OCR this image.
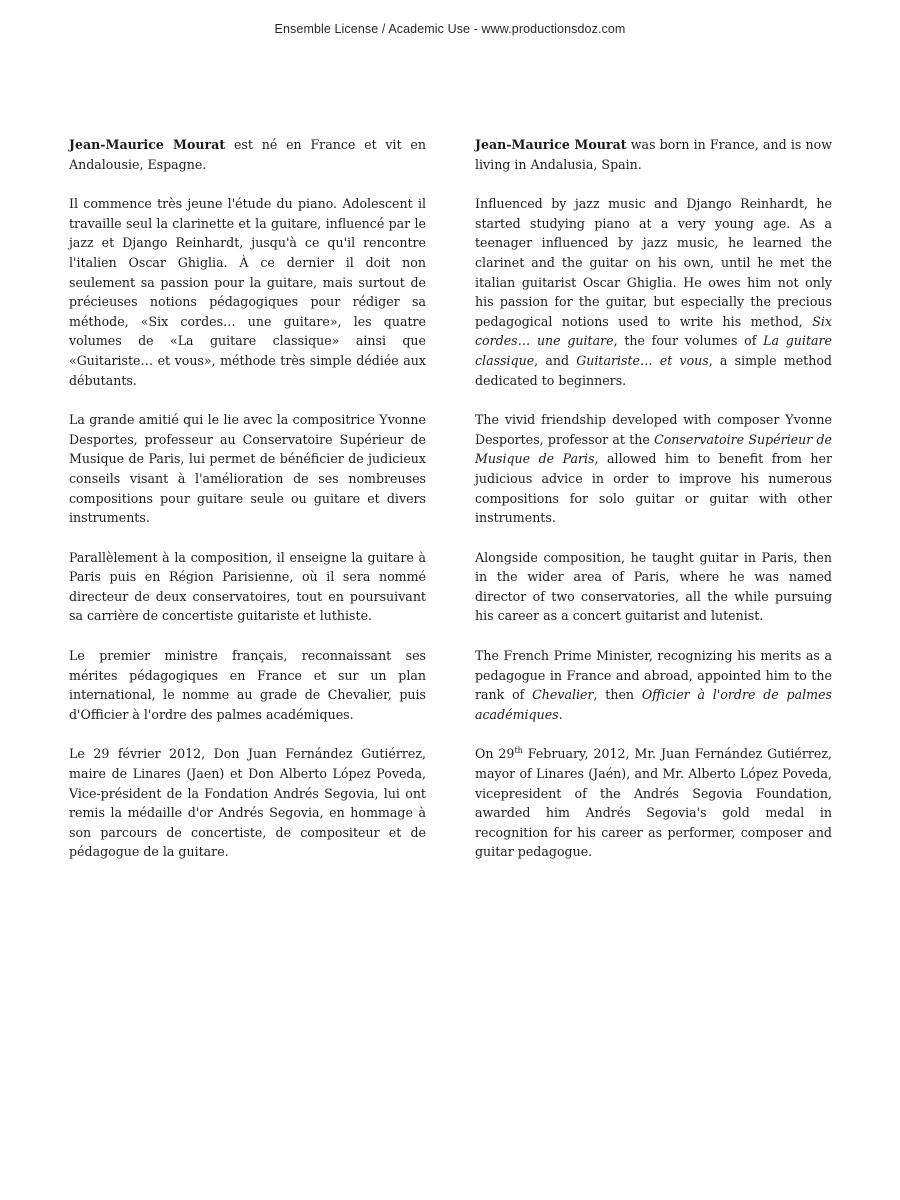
Ensemble License / Academic Use - www.productionsdoz.com

Jean-Maurice Mourat est né en France et vit en Andalousie, Espagne.

Il commence très jeune l'étude du piano. Adolescent il travaille seul la clarinette et la guitare, influencé par le jazz et Django Reinhardt, jusqu'à ce qu'il rencontre l'italien Oscar Ghiglia. À ce dernier il doit non seulement sa passion pour la guitare, mais surtout de précieuses notions pédagogiques pour rédiger sa méthode, «Six cordes… une guitare», les quatre volumes de «La guitare classique» ainsi que «Guitariste… et vous», méthode très simple dédiée aux débutants.

La grande amitié qui le lie avec la compositrice Yvonne Desportes, professeur au Conservatoire Supérieur de Musique de Paris, lui permet de bénéficier de judicieux conseils visant à l'amélioration de ses nombreuses compositions pour guitare seule ou guitare et divers instruments.

Parallèlement à la composition, il enseigne la guitare à Paris puis en Région Parisienne, où il sera nommé directeur de deux conservatoires, tout en poursuivant sa carrière de concertiste guitariste et luthiste.

Le premier ministre français, reconnaissant ses mérites pédagogiques en France et sur un plan international, le nomme au grade de Chevalier, puis d'Officier à l'ordre des palmes académiques.

Le 29 février 2012, Don Juan Fernández Gutiérrez, maire de Linares (Jaen) et Don Alberto López Poveda, Vice-président de la Fondation Andrés Segovia, lui ont remis la médaille d'or Andrés Segovia, en hommage à son parcours de concertiste, de compositeur et de pédagogue de la guitare.

Jean-Maurice Mourat was born in France, and is now living in Andalusia, Spain.

Influenced by jazz music and Django Reinhardt, he started studying piano at a very young age. As a teenager influenced by jazz music, he learned the clarinet and the guitar on his own, until he met the italian guitarist Oscar Ghiglia. He owes him not only his passion for the guitar, but especially the precious pedagogical notions used to write his method, Six cordes… une guitare, the four volumes of La guitare classique, and Guitariste… et vous, a simple method dedicated to beginners.

The vivid friendship developed with composer Yvonne Desportes, professor at the Conservatoire Supérieur de Musique de Paris, allowed him to benefit from her judicious advice in order to improve his numerous compositions for solo guitar or guitar with other instruments.

Alongside composition, he taught guitar in Paris, then in the wider area of Paris, where he was named director of two conservatories, all the while pursuing his career as a concert guitarist and lutenist.

The French Prime Minister, recognizing his merits as a pedagogue in France and abroad, appointed him to the rank of Chevalier, then Officier à l'ordre de palmes académiques.

On 29th February, 2012, Mr. Juan Fernández Gutiérrez, mayor of Linares (Jaén), and Mr. Alberto López Poveda, vicepresident of the Andrés Segovia Foundation, awarded him Andrés Segovia's gold medal in recognition for his career as performer, composer and guitar pedagogue.
